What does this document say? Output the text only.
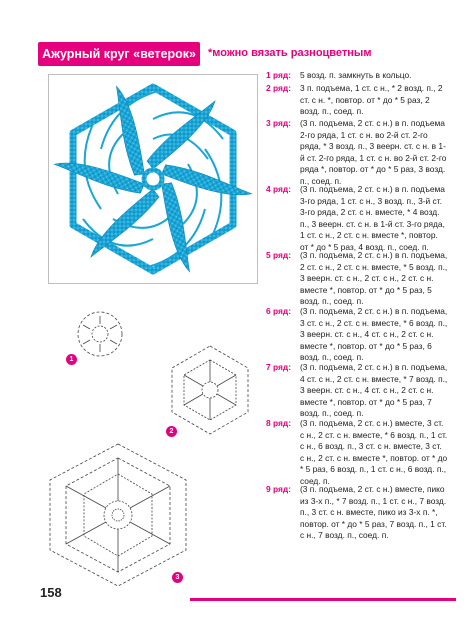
Ажурный круг «ветерок»	*можно вязать разноцветным
1 ряд: 5 возд. п. замкнуть в кольцо.
2 ряд: 3 п. подъема, 1 ст. с н., * 2 возд. п., 2 ст. с н. *, повтор. от * до * 5 раз, 2 возд. п., соед. п.
3 ряд: (3 п. подъема, 2 ст. с н.) в п. подъема 2-го ряда, 1 ст. с н. во 2-й ст. 2-го ряда, * 3 возд. п., 3 веерн. ст. с н. в 1-й ст. 2-го ряда, 1 ст. с н. во 2-й ст. 2-го ряда *, повтор. от * до * 5 раз, 3 возд. п., соед. п.
4 ряд: (3 п. подъема, 2 ст. с н.) в п. подъема 3-го ряда, 1 ст. с н., 3 возд. п., 3-й ст. 3-го ряда, 2 ст. с н. вместе, * 4 возд. п., 3 веерн. ст. с н. в 1-й ст. 3-го ряда, 1 ст. с н., 2 ст. с н. вместе *, повтор. от * до * 5 раз, 4 возд. п., соед. п.
5 ряд: (3 п. подъема, 2 ст. с н.) в п. подъема, 2 ст. с н., 2 ст. с н. вместе, * 5 возд. п., 3 веерн. ст. с н., 2 ст. с н., 2 ст. с н. вместе *, повтор. от * до * 5 раз, 5 возд. п., соед. п.
6 ряд: (3 п. подъема, 2 ст. с н.) в п. подъема, 3 ст. с н., 2 ст. с н. вместе, * 6 возд. п., 3 веерн. ст. с н., 4 ст. с н., 2 ст. с н. вместе *, повтор. от * до * 5 раз, 6 возд. п., соед. п.
7 ряд: (3 п. подъема, 2 ст. с н.) в п. подъема, 4 ст. с н., 2 ст. с н. вместе, * 7 возд. п., 3 веерн. ст. с н., 4 ст. с н., 2 ст. с н. вместе *, повтор. от * до * 5 раз, 7 возд. п., соед. п.
8 ряд: (3 п. подъема, 2 ст. с н.) вместе, 3 ст. с н., 2 ст. с н. вместе, * 6 возд. п., 1 ст. с н., 6 возд. п., 3 ст. с н. вместе, 3 ст. с н., 2 ст. с н. вместе *, повтор. от * до * 5 раз, 6 возд. п., 1 ст. с н., 6 возд. п., соед. п.
9 ряд: (3 п. подъема, 2 ст. с н.) вместе, пико из 3-х п., * 7 возд. п., 1 ст. с н., 7 возд. п., 3 ст. с н. вместе, пико из 3-х п. *, повтор. от * до * 5 раз, 7 возд. п., 1 ст. с н., 7 возд. п., соед. п.
1
2
3
158
